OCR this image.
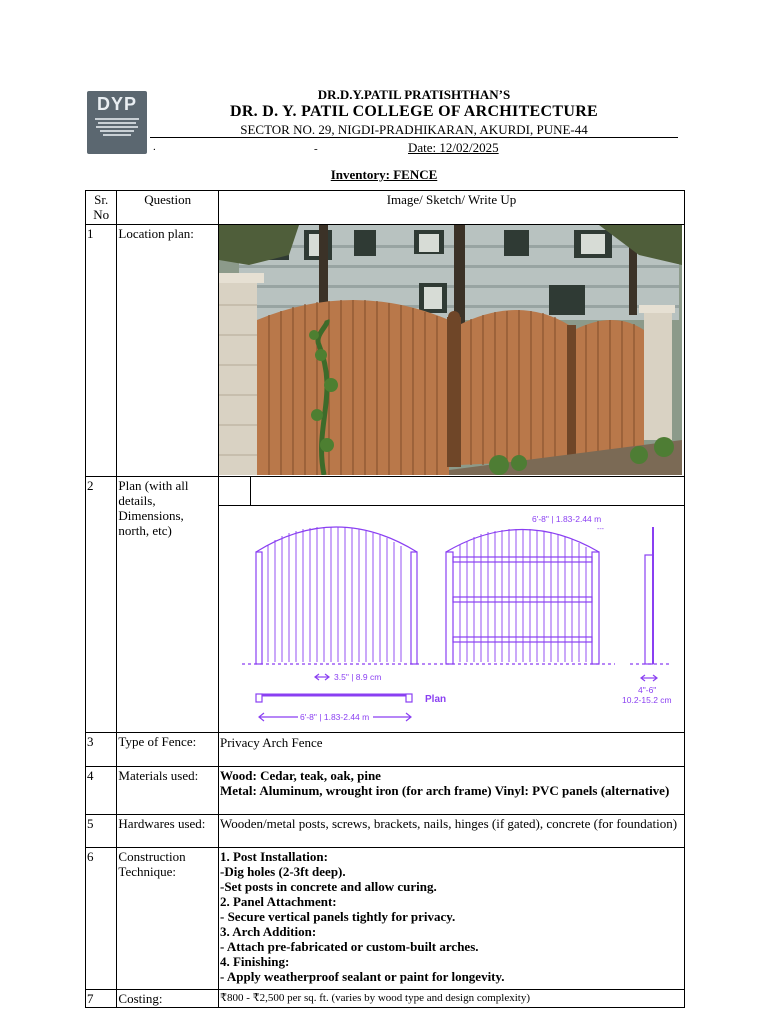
DYP	DR.D.Y.PATIL PRATISHTHAN’S
DR. D. Y. PATIL COLLEGE OF ARCHITECTURE
SECTOR NO. 29, NIGDI-PRADHIKARAN, AKURDI, PUNE-44
.	-	Date: 12/02/2025
Inventory: FENCE
Sr. No	Question	Image/ Sketch/ Write Up
1	Location plan:	

2	Plan (with all details, Dimensions, north, etc)	

6'-8" | 1.83-2.44 m
---
3.5" | 8.9 cm
Plan
6'-8" | 1.83-2.44 m
4"-6"
10.2-15.2 cm

3	Type of Fence:	Privacy Arch Fence
4	Materials used:	Wood: Cedar, teak, oak, pine
Metal: Aluminum, wrought iron (for arch frame) Vinyl: PVC panels (alternative)

5	Hardwares used:	Wooden/metal posts, screws, brackets, nails, hinges (if gated), concrete (for foundation)
6	Construction Technique:	
1. Post Installation:
-Dig holes (2-3ft deep).
-Set posts in concrete and allow curing.
2. Panel Attachment:
- Secure vertical panels tightly for privacy.
3. Arch Addition:
- Attach pre-fabricated or custom-built arches.
4. Finishing:
- Apply weatherproof sealant or paint for longevity.

7	Costing:	₹800 - ₹2,500 per sq. ft. (varies by wood type and design complexity)
